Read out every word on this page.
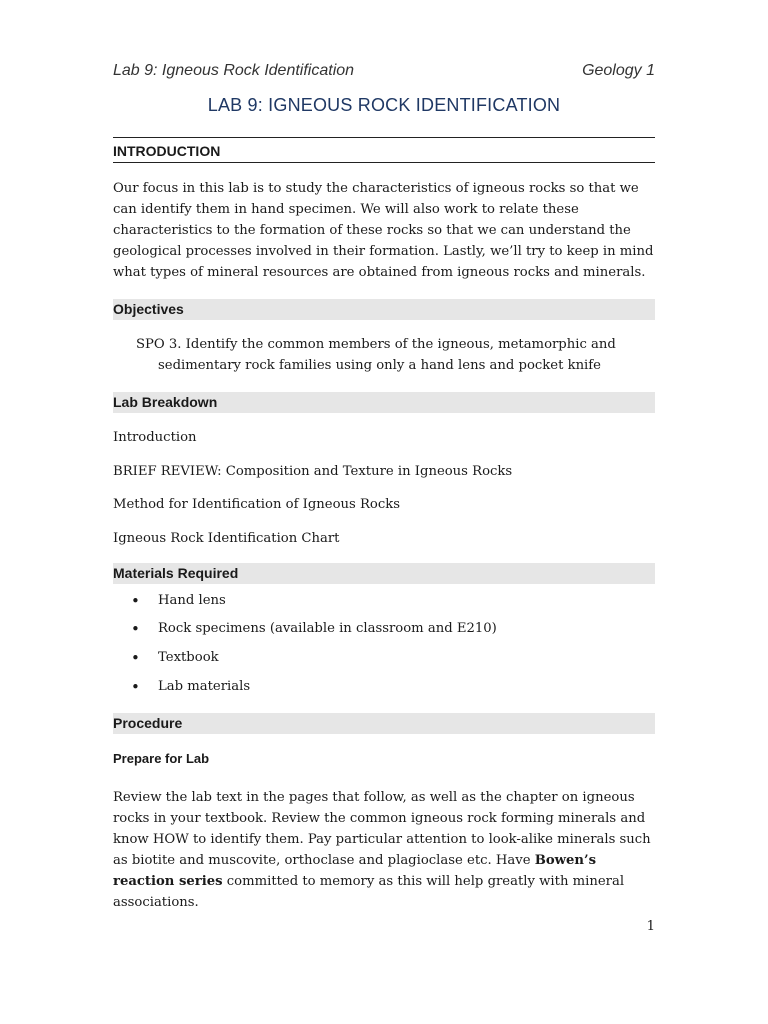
Lab 9: Igneous Rock Identification	Geology 1
LAB 9: IGNEOUS ROCK IDENTIFICATION
INTRODUCTION

Our focus in this lab is to study the characteristics of igneous rocks so that we can identify them in hand specimen. We will also work to relate these characteristics to the formation of these rocks so that we can understand the geological processes involved in their formation. Lastly, we’ll try to keep in mind what types of mineral resources are obtained from igneous rocks and minerals.

Objectives

SPO 3. Identify the common members of the igneous, metamorphic and sedimentary rock families using only a hand lens and pocket knife

Lab Breakdown
Introduction
BRIEF REVIEW: Composition and Texture in Igneous Rocks
Method for Identification of Igneous Rocks
Igneous Rock Identification Chart
Materials Required
• Hand lens
• Rock specimens (available in classroom and E210)
• Textbook
• Lab materials
Procedure
Prepare for Lab

Review the lab text in the pages that follow, as well as the chapter on igneous rocks in your textbook. Review the common igneous rock forming minerals and know HOW to identify them. Pay particular attention to look-alike minerals such as biotite and muscovite, orthoclase and plagioclase etc. Have Bowen’s reaction series committed to memory as this will help greatly with mineral associations.

1
